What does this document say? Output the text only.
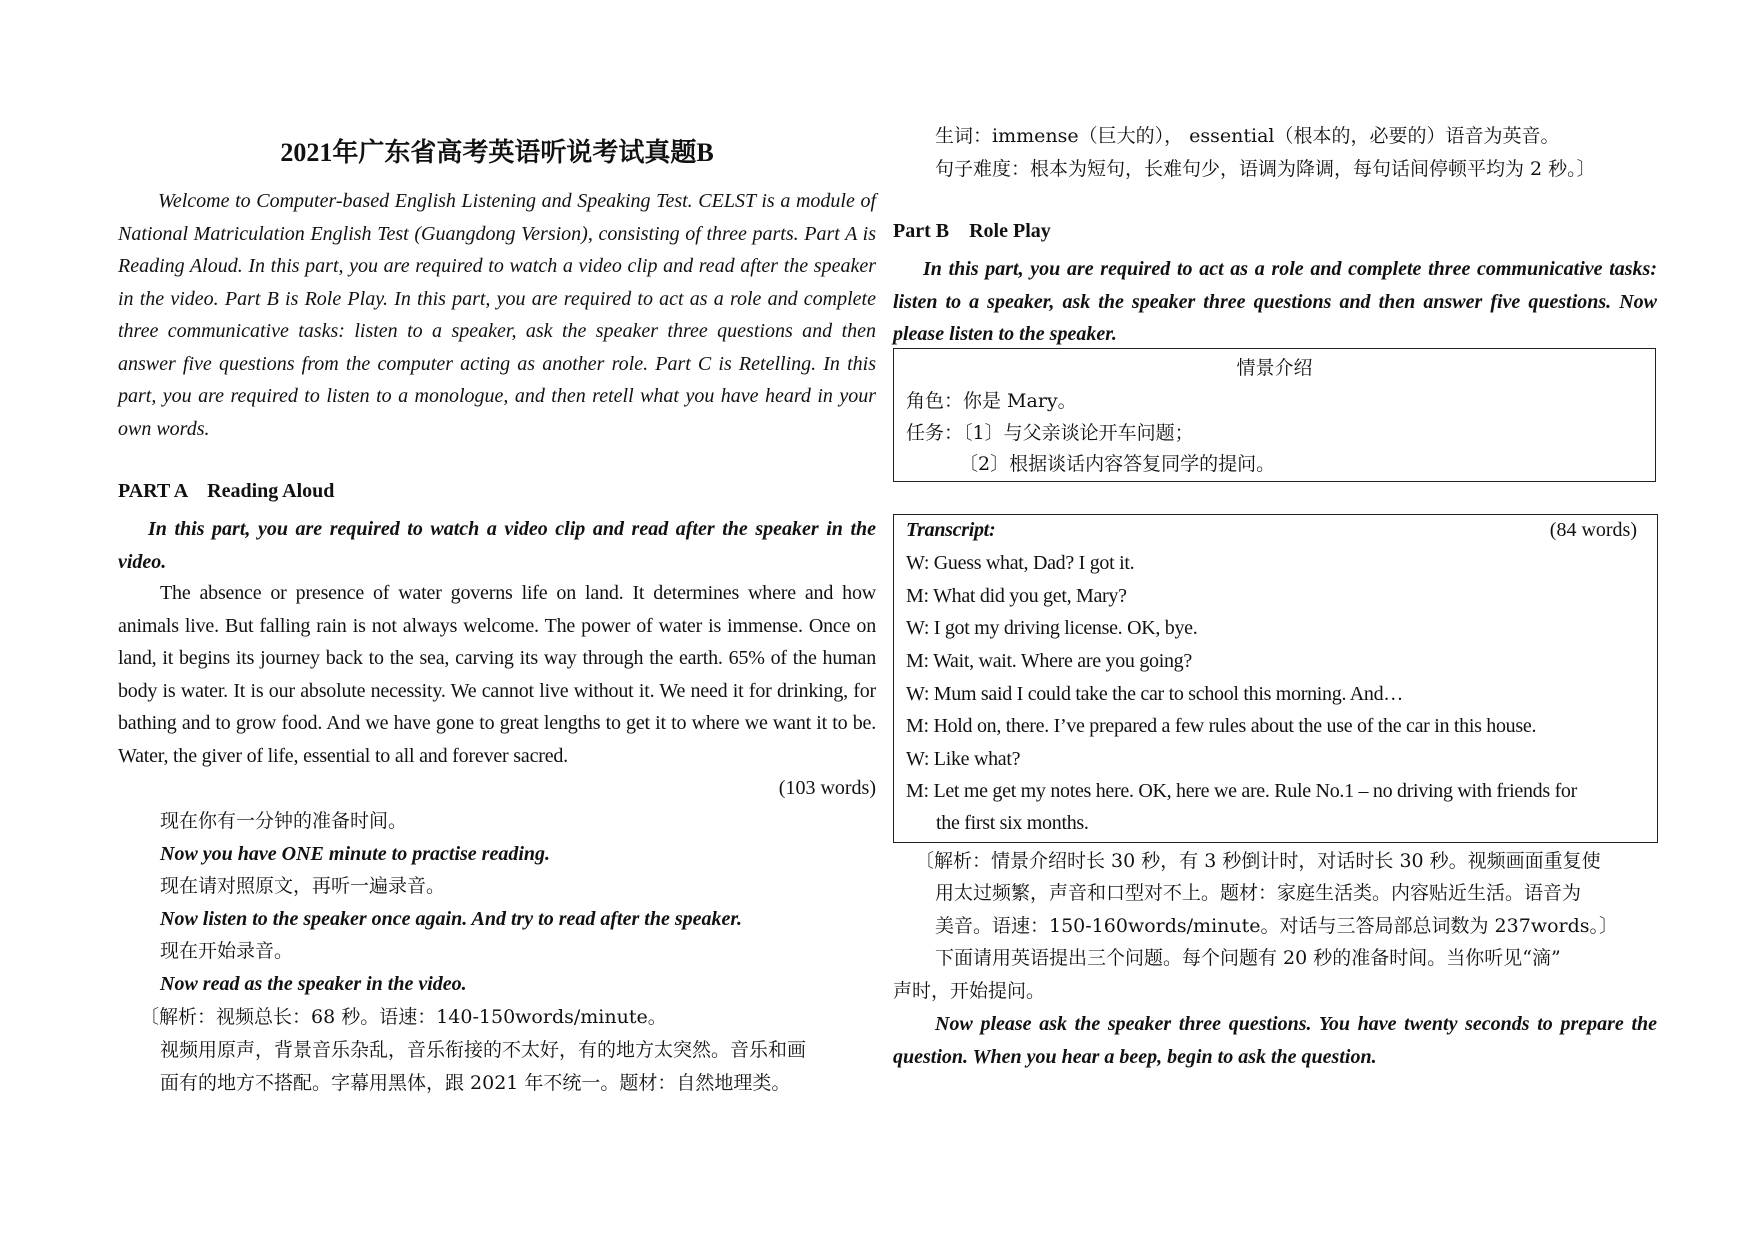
2021年广东省高考英语听说考试真题B
Welcome to Computer-based English Listening and Speaking Test. CELST is a module of National Matriculation English Test (Guangdong Version), consisting of three parts. Part A is Reading Aloud. In this part, you are required to watch a video clip and read after the speaker in the video. Part B is Role Play. In this part, you are required to act as a role and complete three communicative tasks: listen to a speaker, ask the speaker three questions and then answer five questions from the computer acting as another role. Part C is Retelling. In this part, you are required to listen to a monologue, and then retell what you have heard in your own words.
PART A    Reading Aloud
In this part, you are required to watch a video clip and read after the speaker in the video.
The absence or presence of water governs life on land. It determines where and how animals live. But falling rain is not always welcome. The power of water is immense. Once on land, it begins its journey back to the sea, carving its way through the earth. 65% of the human body is water. It is our absolute necessity. We cannot live without it. We need it for drinking, for bathing and to grow food. And we have gone to great lengths to get it to where we want it to be. Water, the giver of life, essential to all and forever sacred.
(103 words)
现在你有一分钟的准备时间。
Now you have ONE minute to practise reading.
现在请对照原文，再听一遍录音。
Now listen to the speaker once again. And try to read after the speaker.
现在开始录音。
Now read as the speaker in the video.
〔解析：视频总长：68 秒。语速：140-150words/minute。
视频用原声，背景音乐杂乱，音乐衔接的不太好，有的地方太突然。音乐和画
面有的地方不搭配。字幕用黑体，跟 2021 年不统一。题材：自然地理类。
生词：immense（巨大的）， essential（根本的，必要的）语音为英音。
句子难度：根本为短句，长难句少，语调为降调，每句话间停顿平均为 2 秒。〕
Part B    Role Play
In this part, you are required to act as a role and complete three communicative tasks: listen to a speaker, ask the speaker three questions and then answer five questions. Now please listen to the speaker.
情景介绍
角色：你是 Mary。
任务：〔1〕与父亲谈论开车问题；
〔2〕根据谈话内容答复同学的提问。
Transcript:	(84 words)
W: Guess what, Dad? I got it.
M: What did you get, Mary?
W: I got my driving license. OK, bye.
M: Wait, wait. Where are you going?
W: Mum said I could take the car to school this morning. And…
M: Hold on, there. I’ve prepared a few rules about the use of the car in this house.
W: Like what?
M: Let me get my notes here. OK, here we are. Rule No.1 – no driving with friends for
the first six months.
〔解析：情景介绍时长 30 秒，有 3 秒倒计时，对话时长 30 秒。视频画面重复使
用太过频繁，声音和口型对不上。题材：家庭生活类。内容贴近生活。语音为
美音。语速：150-160words/minute。对话与三答局部总词数为 237words。〕
下面请用英语提出三个问题。每个问题有 20 秒的准备时间。当你听见“滴”
声时，开始提问。
Now please ask the speaker three questions. You have twenty seconds to prepare the question. When you hear a beep, begin to ask the question.
